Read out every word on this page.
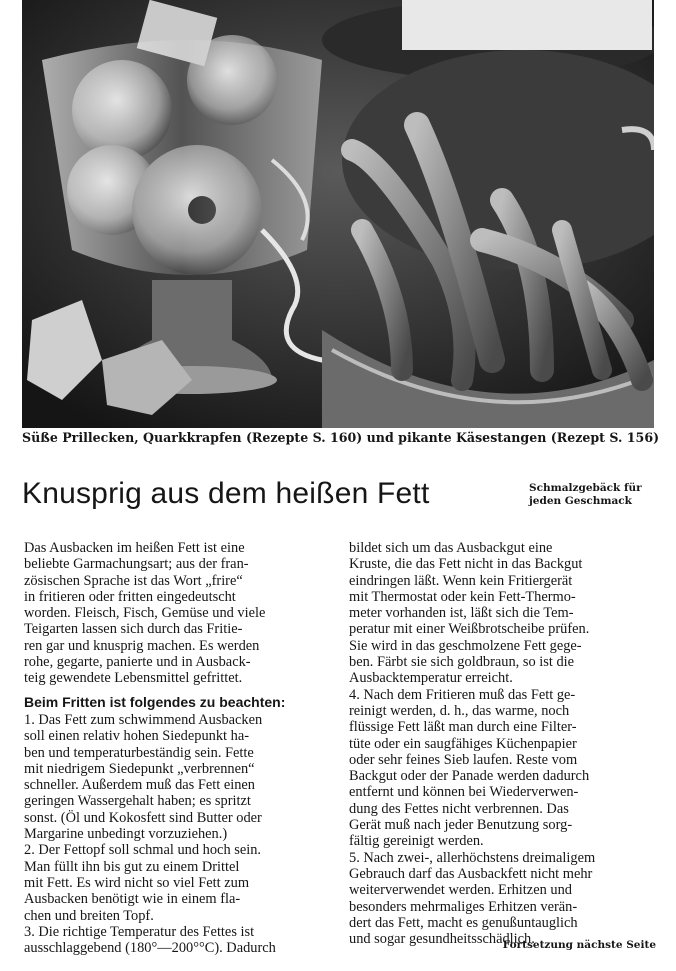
Süße Prillecken, Quarkkrapfen (Rezepte S. 160) und pikante Käsestangen (Rezept S. 156)
Knusprig aus dem heißen Fett	Schmalzgebäck für
jeden Geschmack
Das Ausbacken im heißen Fett ist eine
beliebte Garmachungsart; aus der fran-
zösischen Sprache ist das Wort „frire“
in fritieren oder fritten eingedeutscht
worden. Fleisch, Fisch, Gemüse und viele
Teigarten lassen sich durch das Fritie-
ren gar und knusprig machen. Es werden
rohe, gegarte, panierte und in Ausback-
teig gewendete Lebensmittel gefrittet.
Beim Fritten ist folgendes zu beachten:
1. Das Fett zum schwimmend Ausbacken
soll einen relativ hohen Siedepunkt ha-
ben und temperaturbeständig sein. Fette
mit niedrigem Siedepunkt „verbrennen“
schneller. Außerdem muß das Fett einen
geringen Wassergehalt haben; es spritzt
sonst. (Öl und Kokosfett sind Butter oder
Margarine unbedingt vorzuziehen.)
2. Der Fettopf soll schmal und hoch sein.
Man füllt ihn bis gut zu einem Drittel
mit Fett. Es wird nicht so viel Fett zum
Ausbacken benötigt wie in einem fla-
chen und breiten Topf.
3. Die richtige Temperatur des Fettes ist
ausschlaggebend (180°—200°°C). Dadurch
bildet sich um das Ausbackgut eine
Kruste, die das Fett nicht in das Backgut
eindringen läßt. Wenn kein Fritiergerät
mit Thermostat oder kein Fett-Thermo-
meter vorhanden ist, läßt sich die Tem-
peratur mit einer Weißbrotscheibe prüfen.
Sie wird in das geschmolzene Fett gege-
ben. Färbt sie sich goldbraun, so ist die
Ausbacktemperatur erreicht.
4. Nach dem Fritieren muß das Fett ge-
reinigt werden, d. h., das warme, noch
flüssige Fett läßt man durch eine Filter-
tüte oder ein saugfähiges Küchenpapier
oder sehr feines Sieb laufen. Reste vom
Backgut oder der Panade werden dadurch
entfernt und können bei Wiederverwen-
dung des Fettes nicht verbrennen. Das
Gerät muß nach jeder Benutzung sorg-
fältig gereinigt werden.
5. Nach zwei-, allerhöchstens dreimaligem
Gebrauch darf das Ausbackfett nicht mehr
weiterverwendet werden. Erhitzen und
besonders mehrmaliges Erhitzen verän-
dert das Fett, macht es genußuntauglich
und sogar gesundheitsschädlich.
Fortsetzung nächste Seite
